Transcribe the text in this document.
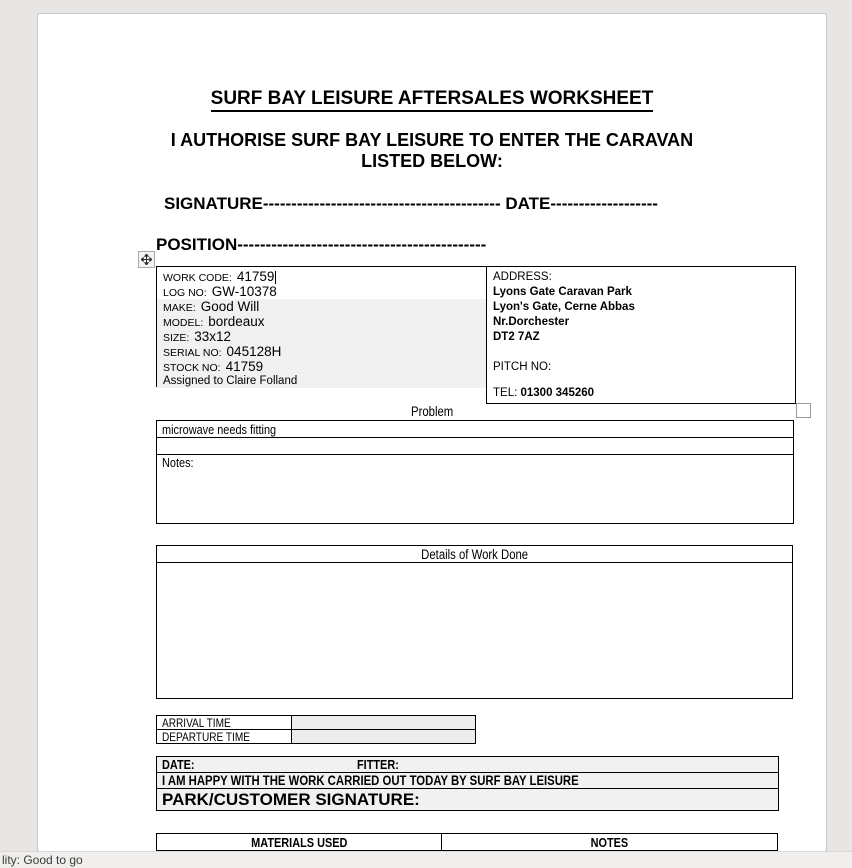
SURF BAY LEISURE AFTERSALES WORKSHEET
I AUTHORISE SURF BAY LEISURE TO ENTER THE CARAVAN
LISTED BELOW:
SIGNATURE------------------------------------------ DATE-------------------
POSITION--------------------------------------------
WORK CODE: 41759
LOG NO: GW-10378
MAKE: Good Will
MODEL: bordeaux
SIZE: 33x12
SERIAL NO: 045128H
STOCK NO: 41759
Assigned to Claire Folland
ADDRESS:
Lyons Gate Caravan Park
Lyon's Gate, Cerne Abbas
Nr.Dorchester
DT2 7AZ
PITCH NO:
TEL: 01300 345260
Problem
microwave needs fitting
Notes:
Details of Work Done
ARRIVAL TIME
DEPARTURE TIME
DATE:	FITTER:
I AM HAPPY WITH THE WORK CARRIED OUT TODAY BY SURF BAY LEISURE
PARK/CUSTOMER SIGNATURE:
MATERIALS USED	NOTES
lity: Good to go
